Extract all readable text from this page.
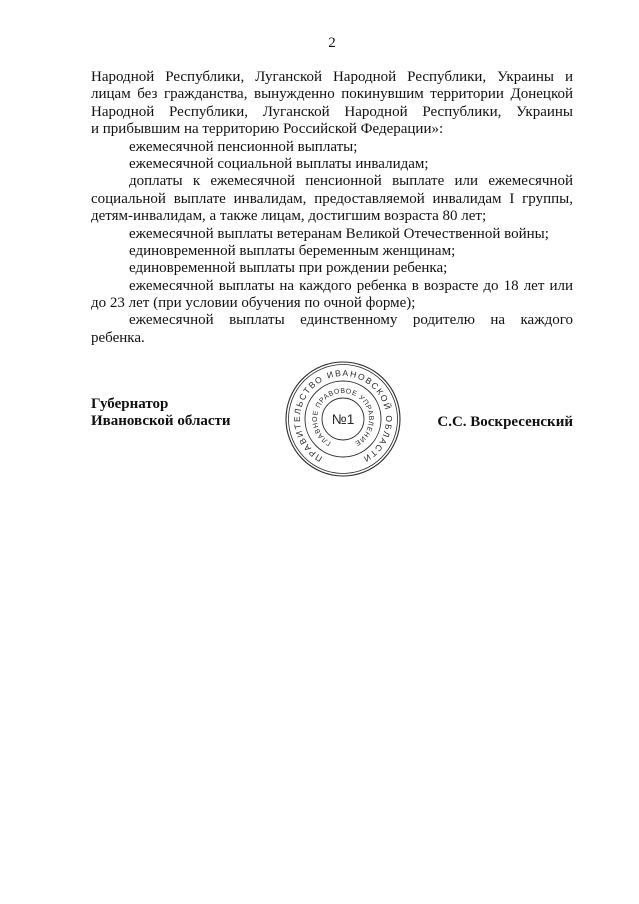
2
Народной Республики, Луганской Народной Республики, Украины и
лицам без гражданства, вынужденно покинувшим территории Донецкой
Народной Республики, Луганской Народной Республики, Украины
и прибывшим на территорию Российской Федерации»:
ежемесячной пенсионной выплаты;
ежемесячной социальной выплаты инвалидам;
доплаты к ежемесячной пенсионной выплате или ежемесячной
социальной выплате инвалидам, предоставляемой инвалидам I группы,
детям-инвалидам, а также лицам, достигшим возраста 80 лет;
ежемесячной выплаты ветеранам Великой Отечественной войны;
единовременной выплаты беременным женщинам;
единовременной выплаты при рождении ребенка;
ежемесячной выплаты на каждого ребенка в возрасте до 18 лет или
до 23 лет (при условии обучения по очной форме);
ежемесячной выплаты единственному родителю на каждого
ребенка.
Губернатор
Ивановской области
ПРАВИТЕЛЬСТВО ИВАНОВСКОЙ ОБЛАСТИ
ГЛАВНОЕ ПРАВОВОЕ УПРАВЛЕНИЕ
№1	С.С. Воскресенский
